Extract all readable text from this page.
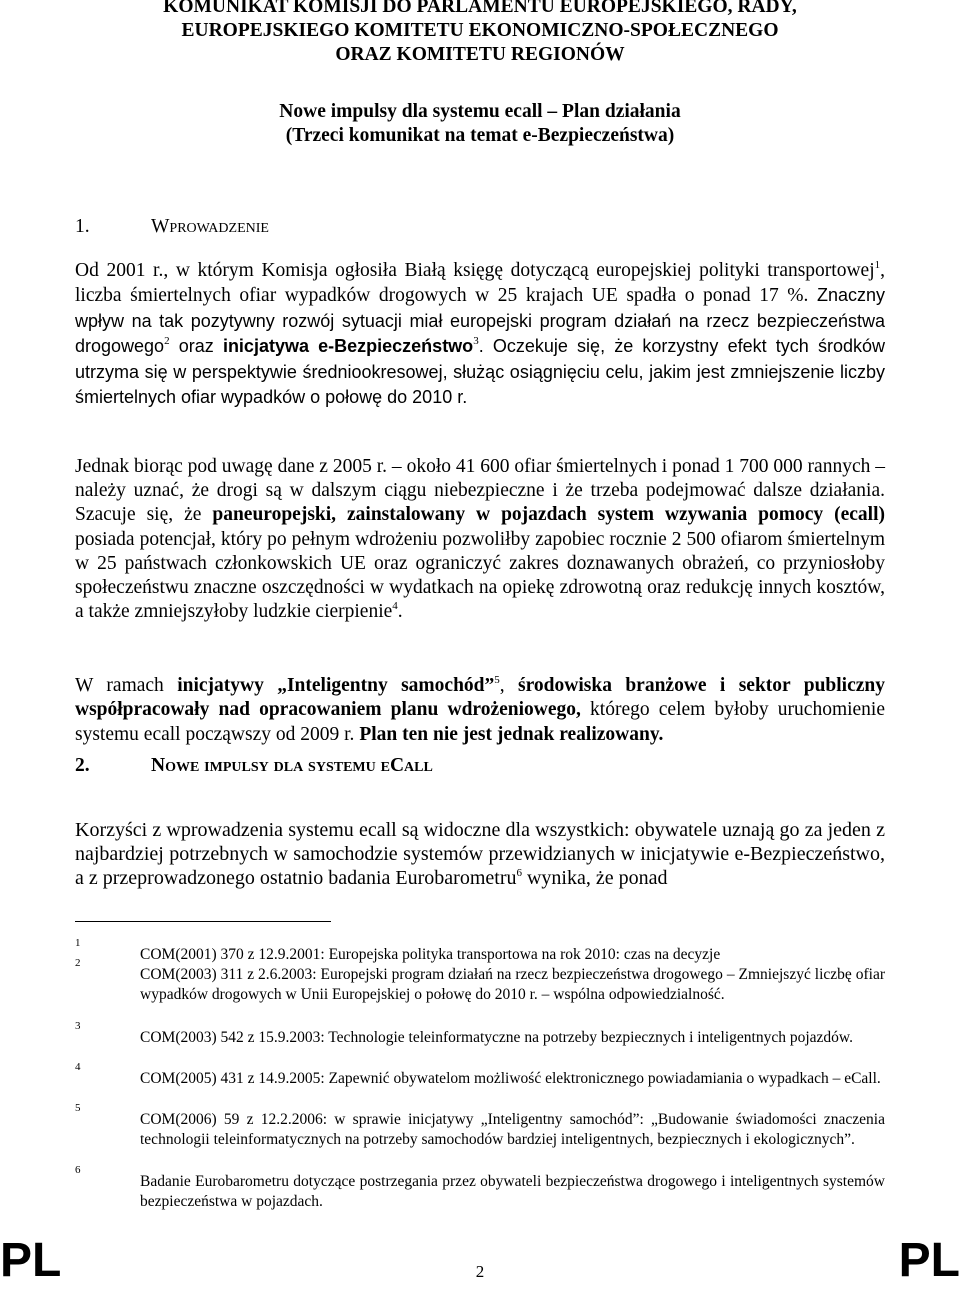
KOMUNIKAT KOMISJI DO PARLAMENTU EUROPEJSKIEGO, RADY,
EUROPEJSKIEGO KOMITETU EKONOMICZNO-SPOŁECZNEGO
ORAZ KOMITETU REGIONÓW
Nowe impulsy dla systemu ecall – Plan działania
(Trzeci komunikat na temat e-Bezpieczeństwa)
1.	Wprowadzenie
Od 2001 r., w którym Komisja ogłosiła Białą księgę dotyczącą europejskiej polityki transportowej$^1$, liczba śmiertelnych ofiar wypadków drogowych w 25 krajach UE spadła o ponad 17 %. Znaczny wpływ na tak pozytywny rozwój sytuacji miał europejski program działań na rzecz bezpieczeństwa drogowego$^2$ oraz inicjatywa e-Bezpieczeństwo$^3$. Oczekuje się, że korzystny efekt tych środków utrzyma się w perspektywie średniookresowej, służąc osiągnięciu celu, jakim jest zmniejszenie liczby śmiertelnych ofiar wypadków o połowę do 2010 r.
Jednak biorąc pod uwagę dane z 2005 r. – około 41 600 ofiar śmiertelnych i ponad 1 700 000 rannych – należy uznać, że drogi są w dalszym ciągu niebezpieczne i że trzeba podejmować dalsze działania. Szacuje się, że paneuropejski, zainstalowany w pojazdach system wzywania pomocy (ecall) posiada potencjał, który po pełnym wdrożeniu pozwoliłby zapobiec rocznie 2 500 ofiarom śmiertelnym w 25 państwach członkowskich UE oraz ograniczyć zakres doznawanych obrażeń, co przyniosłoby społeczeństwu znaczne oszczędności w wydatkach na opiekę zdrowotną oraz redukcję innych kosztów, a także zmniejszyłoby ludzkie cierpienie$^4$.
W ramach inicjatywy „Inteligentny samochód”$^5$, środowiska branżowe i sektor publiczny współpracowały nad opracowaniem planu wdrożeniowego, którego celem byłoby uruchomienie systemu ecall począwszy od 2009 r. Plan ten nie jest jednak realizowany.
2.	Nowe impulsy dla systemu eCall
Korzyści z wprowadzenia systemu ecall są widoczne dla wszystkich: obywatele uznają go za jeden z najbardziej potrzebnych w samochodzie systemów przewidzianych w inicjatywie e-Bezpieczeństwo, a z przeprowadzonego ostatnio badania Eurobarometru$^6$ wynika, że ponad
1
COM(2001) 370 z 12.9.2001: Europejska polityka transportowa na rok 2010: czas na decyzje
2
COM(2003) 311 z 2.6.2003: Europejski program działań na rzecz bezpieczeństwa drogowego – Zmniejszyć liczbę ofiar wypadków drogowych w Unii Europejskiej o połowę do 2010 r. – wspólna odpowiedzialność.
3
COM(2003) 542 z 15.9.2003: Technologie teleinformatyczne na potrzeby bezpiecznych i inteligentnych pojazdów.
4
COM(2005) 431 z 14.9.2005: Zapewnić obywatelom możliwość elektronicznego powiadamiania o wypadkach – eCall.
5
COM(2006) 59 z 12.2.2006: w sprawie inicjatywy „Inteligentny samochód”: „Budowanie świadomości znaczenia technologii teleinformatycznych na potrzeby samochodów bardziej inteligentnych, bezpiecznych i ekologicznych”.
6
Badanie Eurobarometru dotyczące postrzegania przez obywateli bezpieczeństwa drogowego i inteligentnych systemów bezpieczeństwa w pojazdach.
PL	2	PL
